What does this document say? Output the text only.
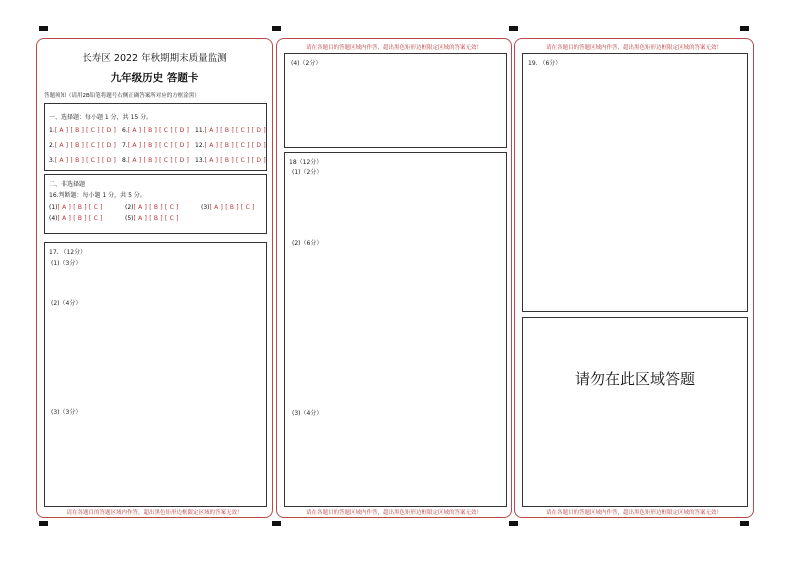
长寿区 2022 年秋期期末质量监测
九年级历史 答题卡
答题须知（请用2B铅笔将题号右侧正确答案所对应的方框涂黑）
一、选择题：每小题 1 分，共 15 分。
1.[ A ] [ B ] [ C ] [ D ] 6.[ A ] [ B ] [ C ] [ D ] 11.[ A ] [ B ] [ C ] [ D ]
2.[ A ] [ B ] [ C ] [ D ] 7.[ A ] [ B ] [ C ] [ D ] 12.[ A ] [ B ] [ C ] [ D ]
3.[ A ] [ B ] [ C ] [ D ] 8.[ A ] [ B ] [ C ] [ D ] 13.[ A ] [ B ] [ C ] [ D ]
二、非选择题
16.判断题：每小题 1 分，共 5 分。
(1)[ A ] [ B ] [ C ]	(2)[ A ] [ B ] [ C ]	(3)[ A ] [ B ] [ C ]
(4)[ A ] [ B ] [ C ]	(5)[ A ] [ B ] [ C ]
17. （12分）
(1)（3分）
(2)（4分）
(3)（3分）
请在各题目的答题区域内作答，超出黑色矩形边框限定区域的答案无效！
请在各题目的答题区域内作答，超出黑色矩形边框限定区域的答案无效！
(4)（2分）
18（12分）
(1)（2分）
(2)（6分）
(3)（4分）
请在各题目的答题区域内作答，超出黑色矩形边框限定区域的答案无效！
请在各题目的答题区域内作答，超出黑色矩形边框限定区域的答案无效！
19. （6分）
请勿在此区域答题
请在各题目的答题区域内作答，超出黑色矩形边框限定区域的答案无效！
